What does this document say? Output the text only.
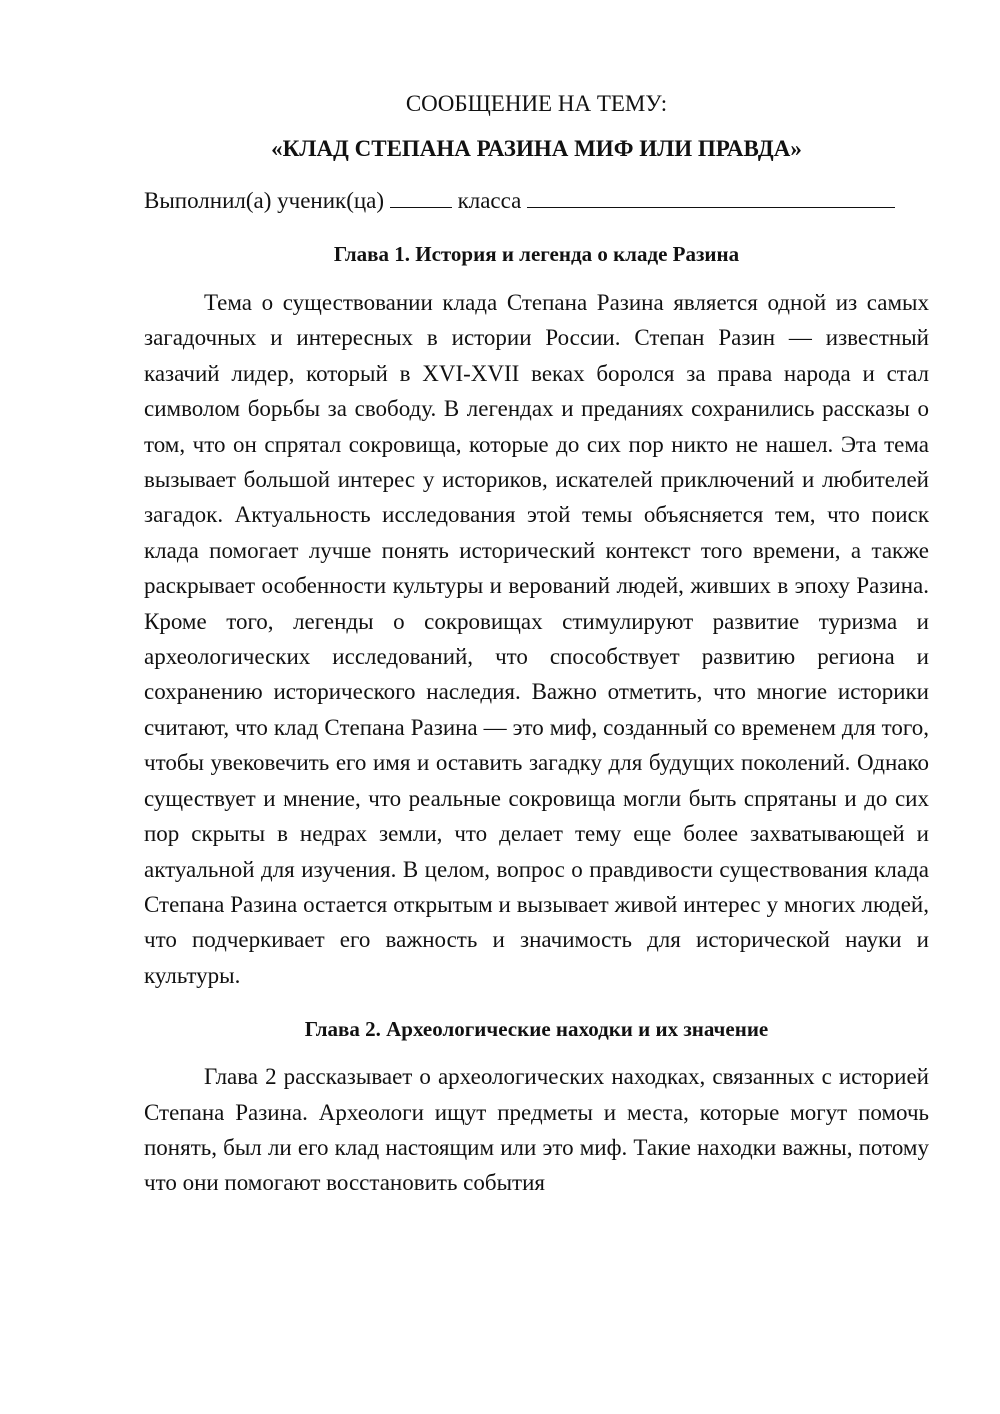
СООБЩЕНИЕ НА ТЕМУ:

«КЛАД СТЕПАНА РАЗИНА МИФ ИЛИ ПРАВДА»

Выполнил(а) ученик(ца)	класса
Глава 1. История и легенда о кладе Разина

Тема о существовании клада Степана Разина является одной из самых загадочных и интересных в истории России. Степан Разин — известный казачий лидер, который в XVI-XVII веках боролся за права народа и стал символом борьбы за свободу. В легендах и преданиях сохранились рассказы о том, что он спрятал сокровища, которые до сих пор никто не нашел. Эта тема вызывает большой интерес у историков, искателей приключений и любителей загадок. Актуальность исследования этой темы объясняется тем, что поиск клада помогает лучше понять исторический контекст того времени, а также раскрывает особенности культуры и верований людей, живших в эпоху Разина. Кроме того, легенды о сокровищах стимулируют развитие туризма и археологических исследований, что способствует развитию региона и сохранению исторического наследия. Важно отметить, что многие историки считают, что клад Степана Разина — это миф, созданный со временем для того, чтобы увековечить его имя и оставить загадку для будущих поколений. Однако существует и мнение, что реальные сокровища могли быть спрятаны и до сих пор скрыты в недрах земли, что делает тему еще более захватывающей и актуальной для изучения. В целом, вопрос о правдивости существования клада Степана Разина остается открытым и вызывает живой интерес у многих людей, что подчеркивает его важность и значимость для исторической науки и культуры.

Глава 2. Археологические находки и их значение

Глава 2 рассказывает о археологических находках, связанных с историей Степана Разина. Археологи ищут предметы и места, которые могут помочь понять, был ли его клад настоящим или это миф. Такие находки важны, потому что они помогают восстановить события
